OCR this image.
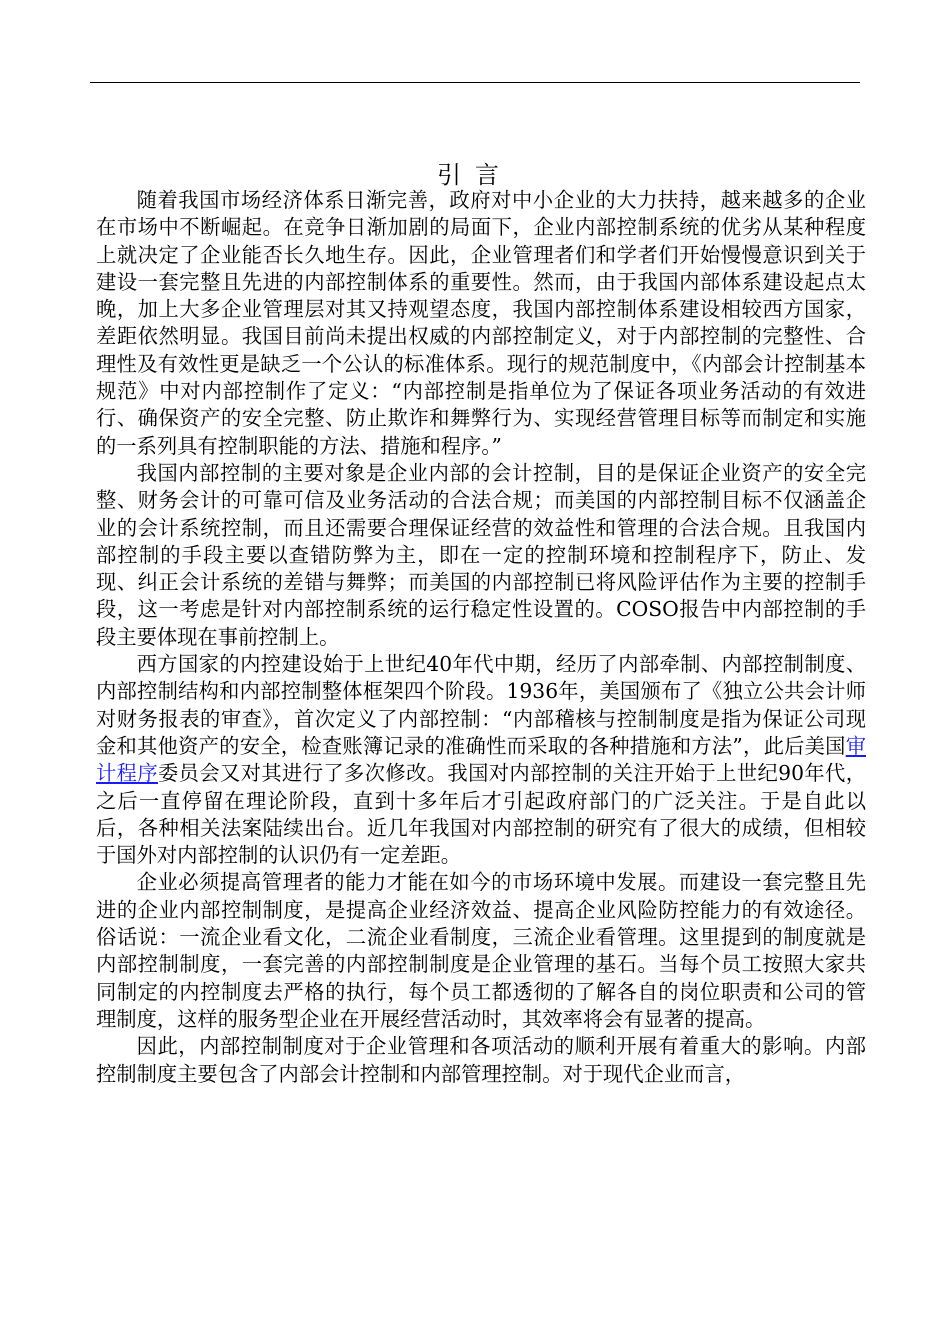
引言

随着我国市场经济体系日渐完善，政府对中小企业的大力扶持，越来越多的企业在市场中不断崛起。在竞争日渐加剧的局面下，企业内部控制系统的优劣从某种程度上就决定了企业能否长久地生存。因此，企业管理者们和学者们开始慢慢意识到关于建设一套完整且先进的内部控制体系的重要性。然而，由于我国内部体系建设起点太晚，加上大多企业管理层对其又持观望态度，我国内部控制体系建设相较西方国家，差距依然明显。我国目前尚未提出权威的内部控制定义，对于内部控制的完整性、合理性及有效性更是缺乏一个公认的标准体系。现行的规范制度中，《内部会计控制基本规范》中对内部控制作了定义：“内部控制是指单位为了保证各项业务活动的有效进行、确保资产的安全完整、防止欺诈和舞弊行为、实现经营管理目标等而制定和实施的一系列具有控制职能的方法、措施和程序。”

我国内部控制的主要对象是企业内部的会计控制，目的是保证企业资产的安全完整、财务会计的可靠可信及业务活动的合法合规；而美国的内部控制目标不仅涵盖企业的会计系统控制，而且还需要合理保证经营的效益性和管理的合法合规。且我国内部控制的手段主要以查错防弊为主，即在一定的控制环境和控制程序下，防止、发现、纠正会计系统的差错与舞弊；而美国的内部控制已将风险评估作为主要的控制手段，这一考虑是针对内部控制系统的运行稳定性设置的。COSO报告中内部控制的手段主要体现在事前控制上。

西方国家的内控建设始于上世纪40年代中期，经历了内部牵制、内部控制制度、内部控制结构和内部控制整体框架四个阶段。1936年，美国颁布了《独立公共会计师对财务报表的审查》，首次定义了内部控制：“内部稽核与控制制度是指为保证公司现金和其他资产的安全，检查账簿记录的准确性而采取的各种措施和方法”，此后美国审计程序委员会又对其进行了多次修改。我国对内部控制的关注开始于上世纪90年代，之后一直停留在理论阶段，直到十多年后才引起政府部门的广泛关注。于是自此以后，各种相关法案陆续出台。近几年我国对内部控制的研究有了很大的成绩，但相较于国外对内部控制的认识仍有一定差距。

企业必须提高管理者的能力才能在如今的市场环境中发展。而建设一套完整且先进的企业内部控制制度，是提高企业经济效益、提高企业风险防控能力的有效途径。俗话说：一流企业看文化，二流企业看制度，三流企业看管理。这里提到的制度就是内部控制制度，一套完善的内部控制制度是企业管理的基石。当每个员工按照大家共同制定的内控制度去严格的执行，每个员工都透彻的了解各自的岗位职责和公司的管理制度，这样的服务型企业在开展经营活动时，其效率将会有显著的提高。

因此，内部控制制度对于企业管理和各项活动的顺利开展有着重大的影响。内部控制制度主要包含了内部会计控制和内部管理控制。对于现代企业而言，
